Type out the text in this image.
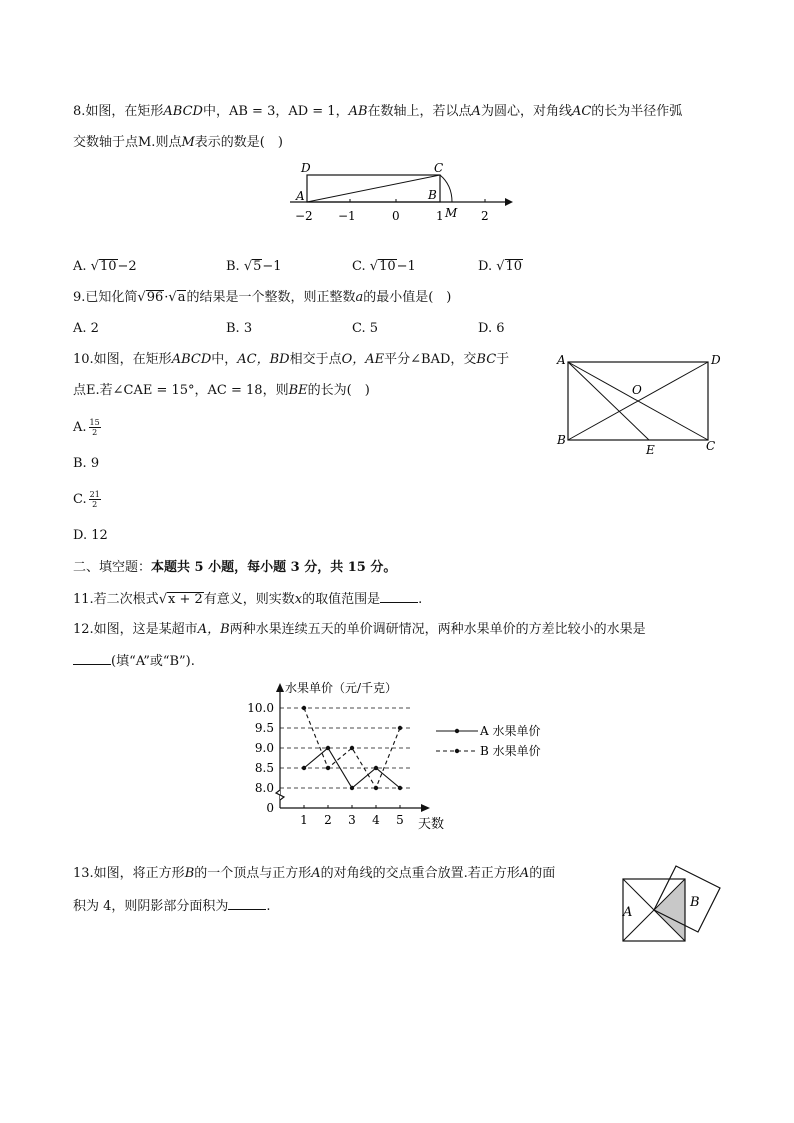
8.如图，在矩形ABCD中，AB = 3，AD = 1，AB在数轴上，若以点A为圆心，对角线AC的长为半径作弧
交数轴于点M.则点M表示的数是(　)
D	C
A	B
M
−2 −1	0	1	2
A. √10−2	B. √5−1	C. √10−1	D. √10
9.已知化简√96·√a的结果是一个整数，则正整数a的最小值是(　)
A. 2	B. 3	C. 5	D. 6
10.如图，在矩形ABCD中，AC，BD相交于点O，AE平分∠BAD，交BC于
点E.若∠CAE = 15°，AC = 18，则BE的长为(　)
A. $\frac{15}{2}$
B. 9
C. $\frac{21}{2}$
D. 12
A	D
O
B
E	C
二、填空题：本题共 5 小题，每小题 3 分，共 15 分。
11.若二次根式√x + 2有意义，则实数x的取值范围是	.
12.如图，这是某超市A，B两种水果连续五天的单价调研情况，两种水果单价的方差比较小的水果是
(填“A”或“B”).
水果单价（元/千克）
10.0
9.5
9.0
8.5
8.0
0
1 2 3 4 5 天数
A 水果单价
B 水果单价
13.如图，将正方形B的一个顶点与正方形A的对角线的交点重合放置.若正方形A的面
积为 4，则阴影部分面积为	.	A
B
